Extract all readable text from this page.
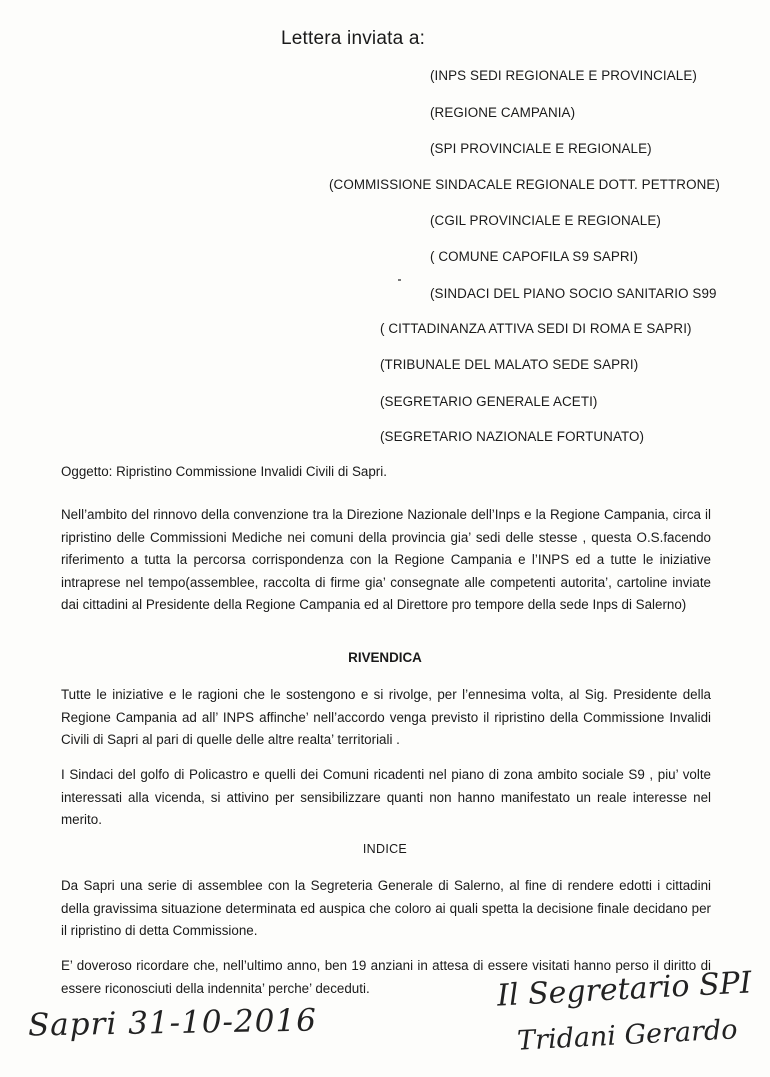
Lettera inviata a:
(INPS SEDI REGIONALE E PROVINCIALE)
(REGIONE CAMPANIA)
(SPI PROVINCIALE E REGIONALE)
(COMMISSIONE SINDACALE REGIONALE DOTT. PETTRONE)
(CGIL PROVINCIALE E REGIONALE)
( COMUNE CAPOFILA S9 SAPRI)
(SINDACI DEL PIANO SOCIO SANITARIO S99
( CITTADINANZA ATTIVA SEDI DI ROMA E SAPRI)
(TRIBUNALE DEL MALATO SEDE SAPRI)
(SEGRETARIO GENERALE ACETI)
(SEGRETARIO NAZIONALE FORTUNATO)
Oggetto: Ripristino Commissione Invalidi Civili di Sapri.

Nell’ambito del rinnovo della convenzione tra la Direzione Nazionale dell’Inps e la Regione Campania, circa il ripristino delle Commissioni Mediche nei comuni della provincia gia’ sedi delle stesse , questa O.S.facendo riferimento a tutta la percorsa corrispondenza con la Regione Campania e l’INPS ed a tutte le iniziative intraprese nel tempo(assemblee, raccolta di firme gia’ consegnate alle competenti autorita’, cartoline inviate dai cittadini al Presidente della Regione Campania ed al Direttore pro tempore della sede Inps di Salerno)

RIVENDICA

Tutte le iniziative e le ragioni che le sostengono e si rivolge, per l’ennesima volta, al Sig. Presidente della Regione Campania ad all’ INPS affinche’ nell’accordo venga previsto il ripristino della Commissione Invalidi Civili di Sapri al pari di quelle delle altre realta’ territoriali .

I Sindaci del golfo di Policastro e quelli dei Comuni ricadenti nel piano di zona ambito sociale S9 , piu’ volte interessati alla vicenda, si attivino per sensibilizzare quanti non hanno manifestato un reale interesse nel merito.

INDICE

Da Sapri una serie di assemblee con la Segreteria Generale di Salerno, al fine di rendere edotti i cittadini della gravissima situazione determinata ed auspica che coloro ai quali spetta la decisione finale decidano per il ripristino di detta Commissione.

E’ doveroso ricordare che, nell’ultimo anno, ben 19 anziani in attesa di essere visitati hanno perso il diritto di essere riconosciuti della indennita’ perche’ deceduti.

Sapri 31-10-2016
Il Segretario SPI
Tridani Gerardo
